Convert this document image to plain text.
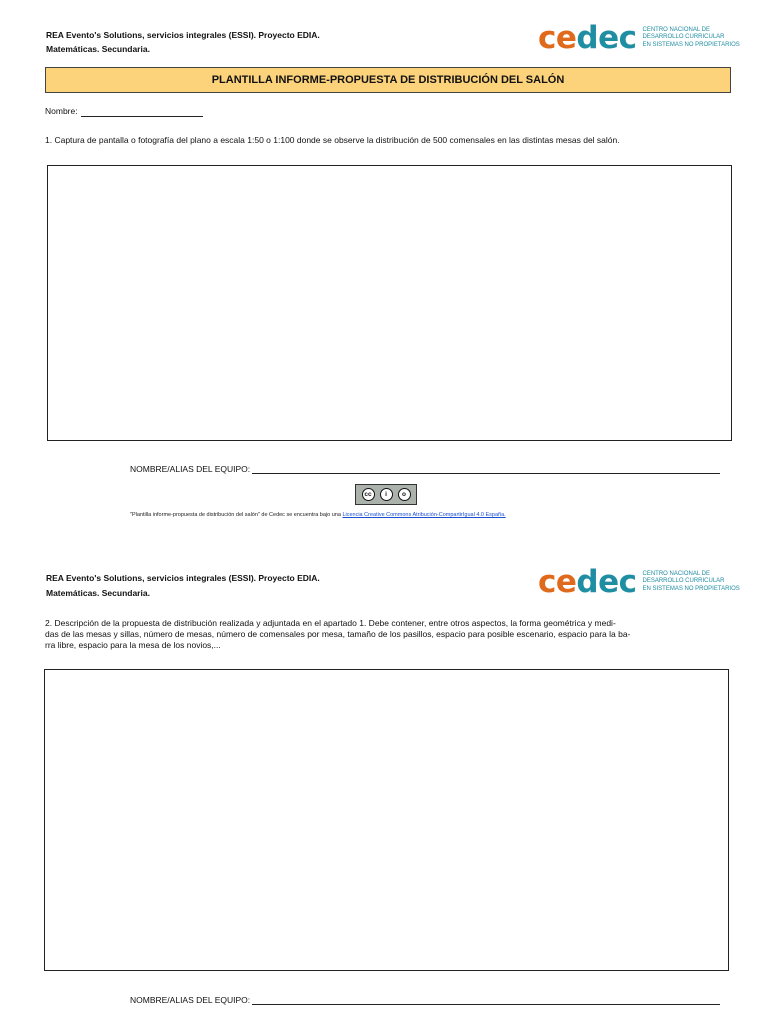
REA Evento's Solutions, servicios integrales (ESSI). Proyecto EDIA.
Matemáticas. Secundaria.	cedec CENTRO NACIONAL DE
DESARROLLO CURRICULAR
EN SISTEMAS NO PROPIETARIOS
PLANTILLA INFORME-PROPUESTA DE DISTRIBUCIÓN DEL SALÓN
Nombre:
1. Captura de pantalla o fotografía del plano a escala 1:50 o 1:100 donde se observe la distribución de 500 comensales en las distintas mesas del salón.
NOMBRE/ALIAS DEL EQUIPO:
cc	i	o
"Plantilla informe-propuesta de distribución del salón" de Cedec se encuentra bajo una Licencia Creative Commons Atribución-CompartirIgual 4.0 España.
REA Evento's Solutions, servicios integrales (ESSI). Proyecto EDIA.
Matemáticas. Secundaria.	cedec CENTRO NACIONAL DE
DESARROLLO CURRICULAR
EN SISTEMAS NO PROPIETARIOS
2. Descripción de la propuesta de distribución realizada y adjuntada en el apartado 1. Debe contener, entre otros aspectos, la forma geométrica y medi-
das de las mesas y sillas, número de mesas, número de comensales por mesa, tamaño de los pasillos, espacio para posible escenario, espacio para la ba-
rra libre, espacio para la mesa de los novios,...
NOMBRE/ALIAS DEL EQUIPO:
